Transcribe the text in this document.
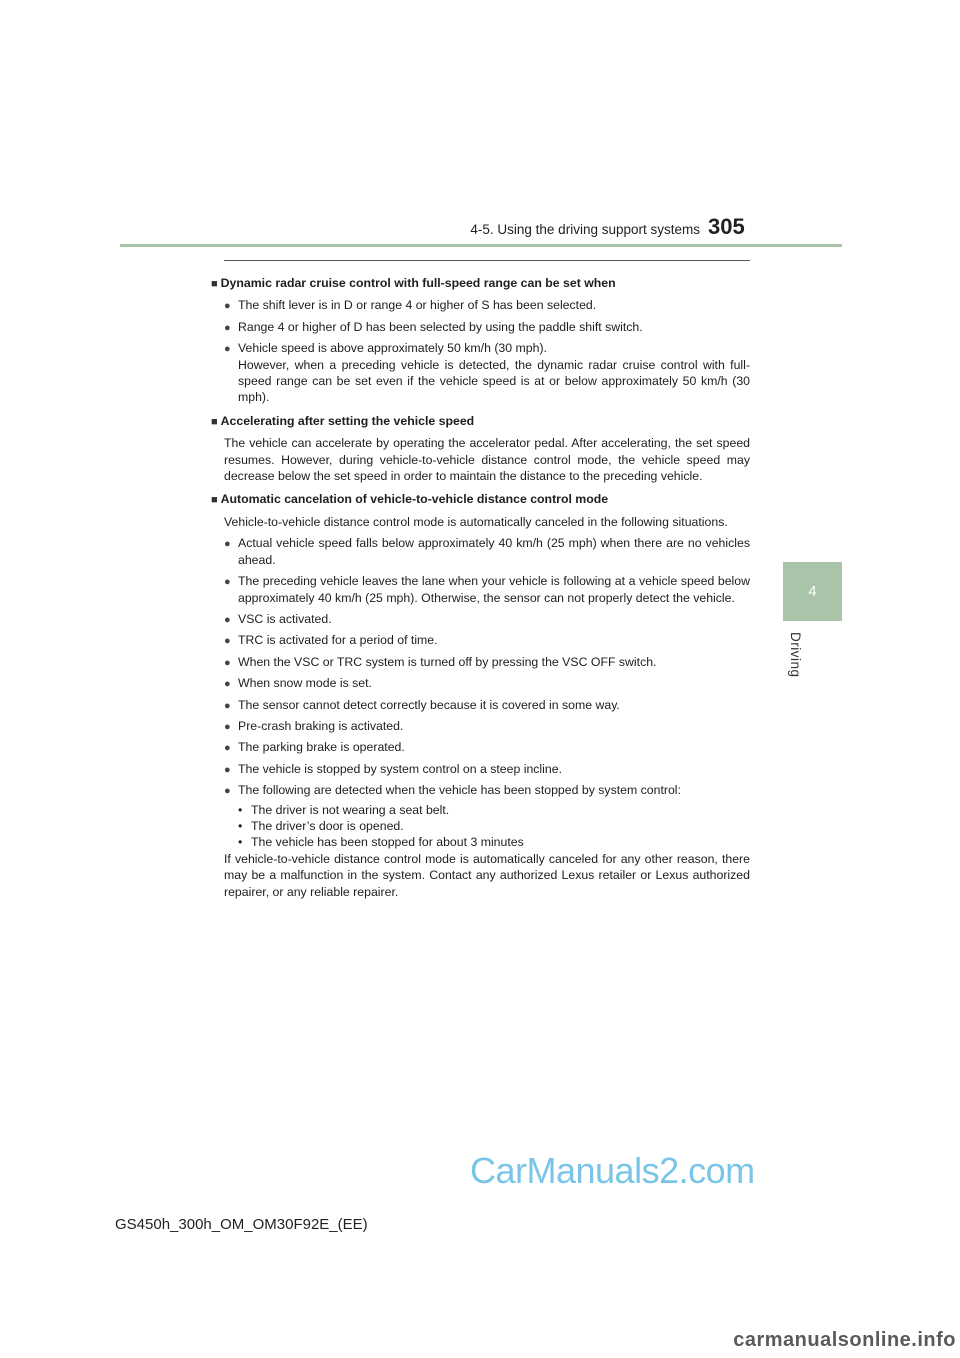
4-5. Using the driving support systems 305
4
Driving
■ Dynamic radar cruise control with full-speed range can be set when
● The shift lever is in D or range 4 or higher of S has been selected.
● Range 4 or higher of D has been selected by using the paddle shift switch.
● Vehicle speed is above approximately 50 km/h (30 mph).
However, when a preceding vehicle is detected, the dynamic radar cruise control with full-speed range can be set even if the vehicle speed is at or below approximately 50 km/h (30 mph).
■ Accelerating after setting the vehicle speed
The vehicle can accelerate by operating the accelerator pedal. After accelerating, the set speed resumes. However, during vehicle-to-vehicle distance control mode, the vehicle speed may decrease below the set speed in order to maintain the distance to the preceding vehicle.
■ Automatic cancelation of vehicle-to-vehicle distance control mode
Vehicle-to-vehicle distance control mode is automatically canceled in the following situations.
● Actual vehicle speed falls below approximately 40 km/h (25 mph) when there are no vehicles ahead.
● The preceding vehicle leaves the lane when your vehicle is following at a vehicle speed below approximately 40 km/h (25 mph). Otherwise, the sensor can not properly detect the vehicle.
● VSC is activated.
● TRC is activated for a period of time.
● When the VSC or TRC system is turned off by pressing the VSC OFF switch.
● When snow mode is set.
● The sensor cannot detect correctly because it is covered in some way.
● Pre-crash braking is activated.
● The parking brake is operated.
● The vehicle is stopped by system control on a steep incline.
● The following are detected when the vehicle has been stopped by system control:
• The driver is not wearing a seat belt.
• The driver’s door is opened.
• The vehicle has been stopped for about 3 minutes
If vehicle-to-vehicle distance control mode is automatically canceled for any other reason, there may be a malfunction in the system. Contact any authorized Lexus retailer or Lexus authorized repairer, or any reliable repairer.
CarManuals2.com
GS450h_300h_OM_OM30F92E_(EE)
carmanualsonline.info
